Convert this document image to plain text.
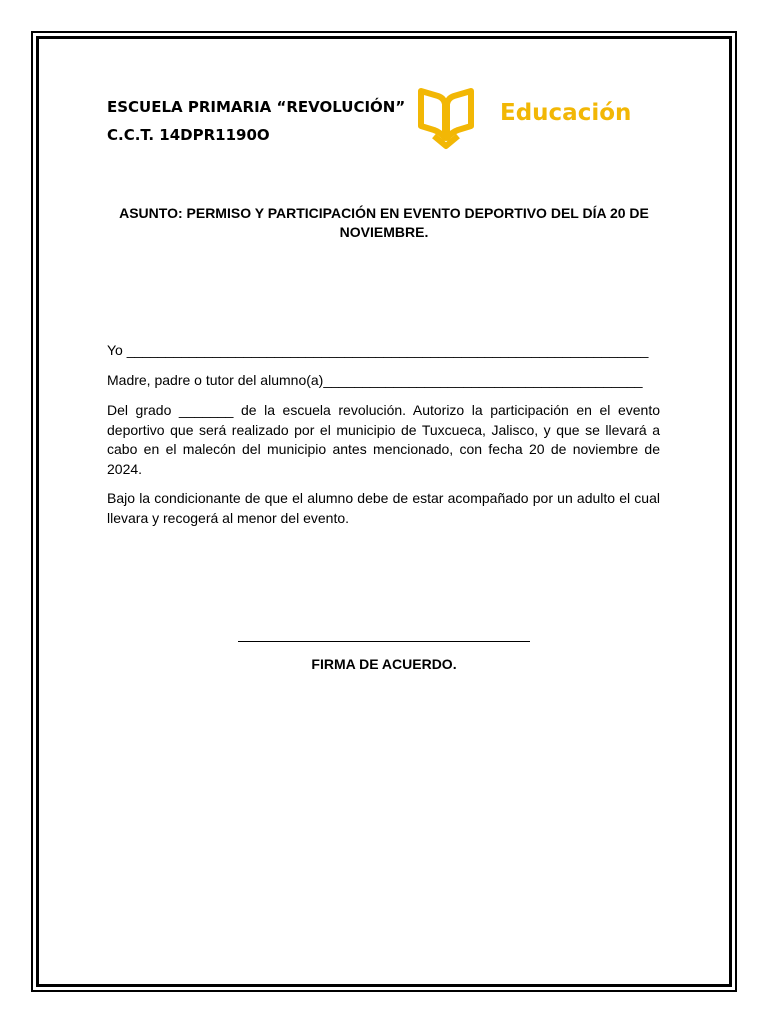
ESCUELA PRIMARIA “REVOLUCIÓN”
C.C.T. 14DPR1190O
Educación
ASUNTO: PERMISO Y PARTICIPACIÓN EN EVENTO DEPORTIVO DEL DÍA 20 DE NOVIEMBRE.
Yo ___________________________________________________________________
Madre, padre o tutor del alumno(a)_________________________________________
Del grado _______ de la escuela revolución. Autorizo la participación en el evento deportivo que será realizado por el municipio de Tuxcueca, Jalisco, y que se llevará a cabo en el malecón del municipio antes mencionado, con fecha 20 de noviembre de 2024.
Bajo la condicionante de que el alumno debe de estar acompañado por un adulto el cual llevara y recogerá al menor del evento.
FIRMA DE ACUERDO.
